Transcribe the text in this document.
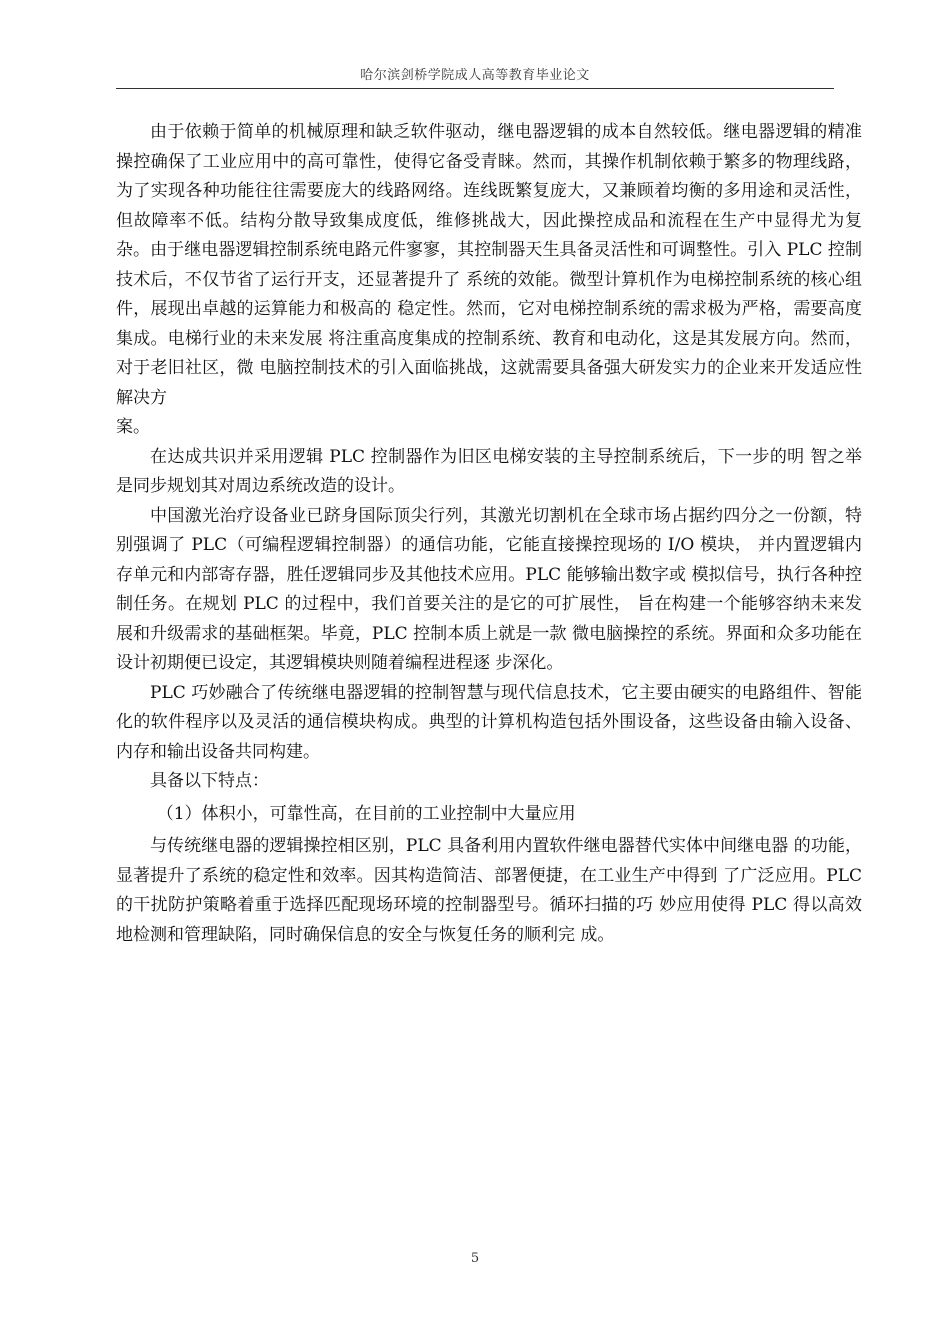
哈尔滨剑桥学院成人高等教育毕业论文

由于依赖于简单的机械原理和缺乏软件驱动，继电器逻辑的成本自然较低。继电器逻辑的精准操控确保了工业应用中的高可靠性，使得它备受青睐。然而，其操作机制依赖于繁多的物理线路，为了实现各种功能往往需要庞大的线路网络。连线既繁复庞大，又兼顾着均衡的多用途和灵活性，但故障率不低。结构分散导致集成度低，维修挑战大，因此操控成品和流程在生产中显得尤为复杂。由于继电器逻辑控制系统电路元件寥寥，其控制器天生具备灵活性和可调整性。引入 PLC 控制技术后，不仅节省了运行开支，还显著提升了 系统的效能。微型计算机作为电梯控制系统的核心组件，展现出卓越的运算能力和极高的 稳定性。然而，它对电梯控制系统的需求极为严格，需要高度集成。电梯行业的未来发展 将注重高度集成的控制系统、教育和电动化，这是其发展方向。然而，对于老旧社区，微 电脑控制技术的引入面临挑战，这就需要具备强大研发实力的企业来开发适应性解决方

案。

在达成共识并采用逻辑 PLC 控制器作为旧区电梯安装的主导控制系统后，下一步的明 智之举是同步规划其对周边系统改造的设计。

中国激光治疗设备业已跻身国际顶尖行列，其激光切割机在全球市场占据约四分之一份额，特别强调了 PLC（可编程逻辑控制器）的通信功能，它能直接操控现场的 I/O 模块， 并内置逻辑内存单元和内部寄存器，胜任逻辑同步及其他技术应用。PLC 能够输出数字或 模拟信号，执行各种控制任务。在规划 PLC 的过程中，我们首要关注的是它的可扩展性， 旨在构建一个能够容纳未来发展和升级需求的基础框架。毕竟，PLC 控制本质上就是一款 微电脑操控的系统。界面和众多功能在设计初期便已设定，其逻辑模块则随着编程进程逐 步深化。

PLC 巧妙融合了传统继电器逻辑的控制智慧与现代信息技术，它主要由硬实的电路组件、智能化的软件程序以及灵活的通信模块构成。典型的计算机构造包括外围设备，这些设备由输入设备、内存和输出设备共同构建。

具备以下特点：

（1）体积小，可靠性高，在目前的工业控制中大量应用

与传统继电器的逻辑操控相区别，PLC 具备利用内置软件继电器替代实体中间继电器 的功能，显著提升了系统的稳定性和效率。因其构造简洁、部署便捷，在工业生产中得到 了广泛应用。PLC 的干扰防护策略着重于选择匹配现场环境的控制器型号。循环扫描的巧 妙应用使得 PLC 得以高效地检测和管理缺陷，同时确保信息的安全与恢复任务的顺利完 成。

5
